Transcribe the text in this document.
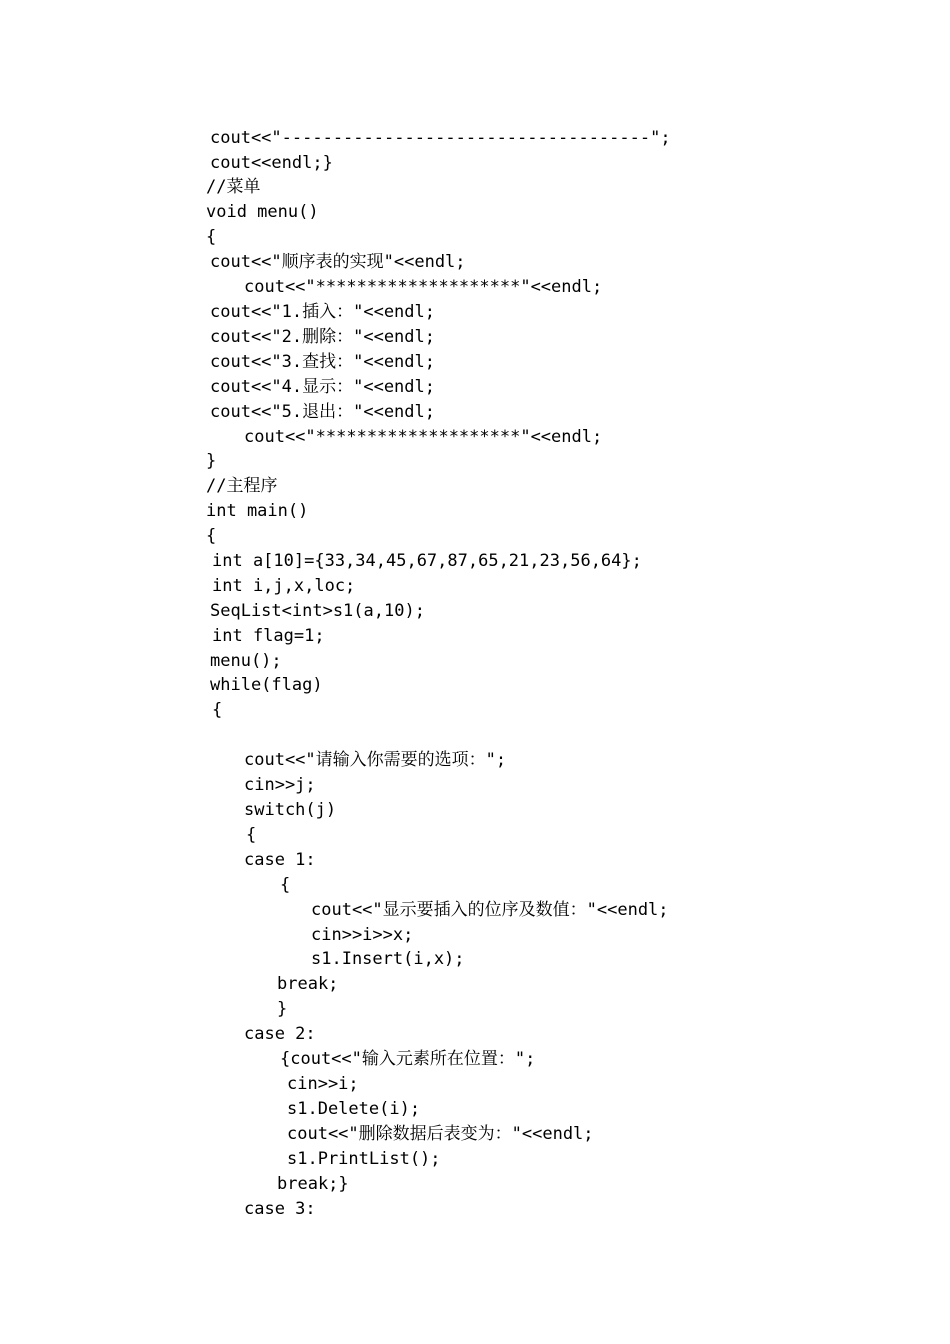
cout<<"------------------------------------";
cout<<endl;}
//菜单
void menu()
{
cout<<"顺序表的实现"<<endl;
cout<<"********************"<<endl;
cout<<"1.插入："<<endl;
cout<<"2.删除："<<endl;
cout<<"3.查找："<<endl;
cout<<"4.显示："<<endl;
cout<<"5.退出："<<endl;
cout<<"********************"<<endl;
}
//主程序
int main()
{
int a[10]={33,34,45,67,87,65,21,23,56,64};
int i,j,x,loc;
SeqList<int>s1(a,10);
int flag=1;
menu();
while(flag)
{
cout<<"请输入你需要的选项：";
cin>>j;
switch(j)
{
case 1:
{
cout<<"显示要插入的位序及数值："<<endl;
cin>>i>>x;
s1.Insert(i,x);
break;
}
case 2:
{cout<<"输入元素所在位置：";
cin>>i;
s1.Delete(i);
cout<<"删除数据后表变为："<<endl;
s1.PrintList();
break;}
case 3:
